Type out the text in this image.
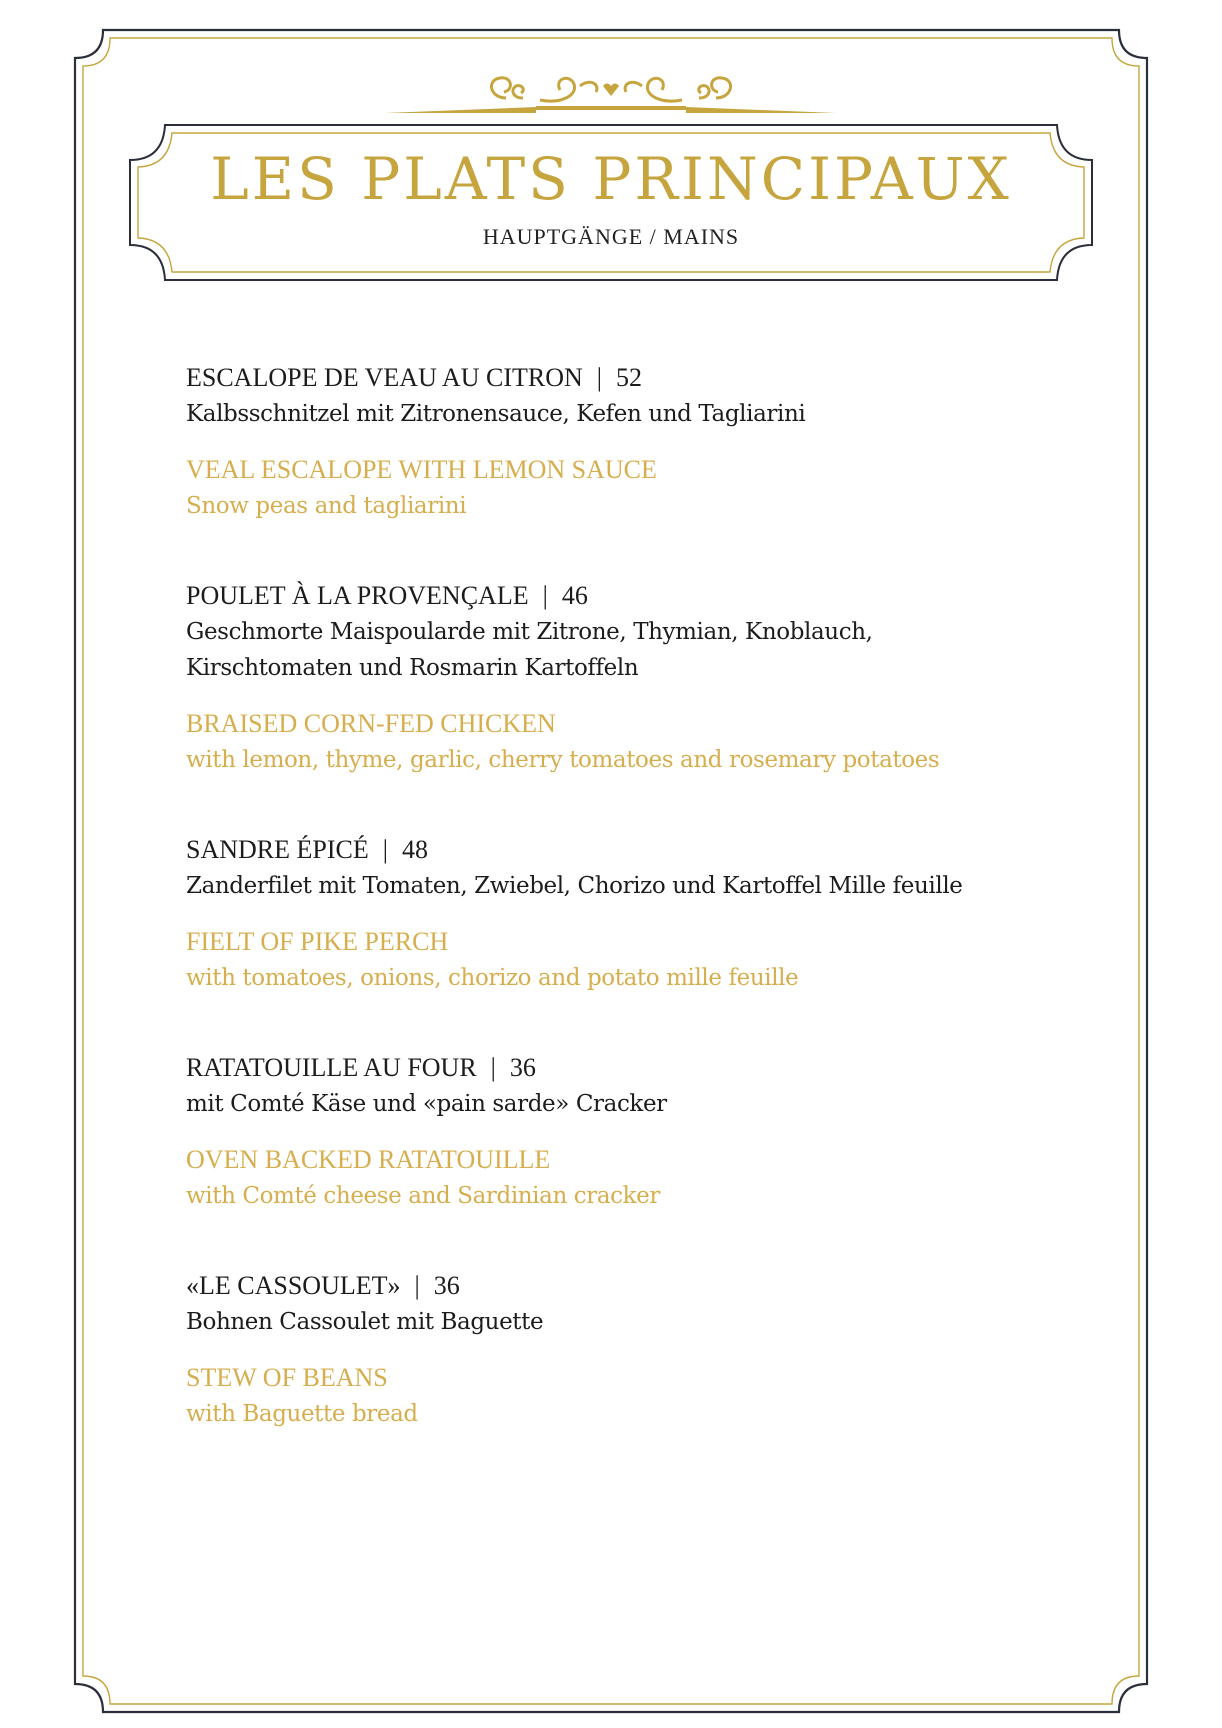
LES PLATS PRINCIPAUX
HAUPTGÄNGE / MAINS
ESCALOPE DE VEAU AU CITRON | 52
Kalbsschnitzel mit Zitronensauce, Kefen und Tagliarini
VEAL ESCALOPE WITH LEMON SAUCE
Snow peas and tagliarini
POULET À LA PROVENÇALE | 46
Geschmorte Maispoularde mit Zitrone, Thymian, Knoblauch,
Kirschtomaten und Rosmarin Kartoffeln
BRAISED CORN-FED CHICKEN
with lemon, thyme, garlic, cherry tomatoes and rosemary potatoes
SANDRE ÉPICÉ | 48
Zanderfilet mit Tomaten, Zwiebel, Chorizo und Kartoffel Mille feuille
FIELT OF PIKE PERCH
with tomatoes, onions, chorizo and potato mille feuille
RATATOUILLE AU FOUR | 36
mit Comté Käse und «pain sarde» Cracker
OVEN BACKED RATATOUILLE
with Comté cheese and Sardinian cracker
«LE CASSOULET» | 36
Bohnen Cassoulet mit Baguette
STEW OF BEANS
with Baguette bread
